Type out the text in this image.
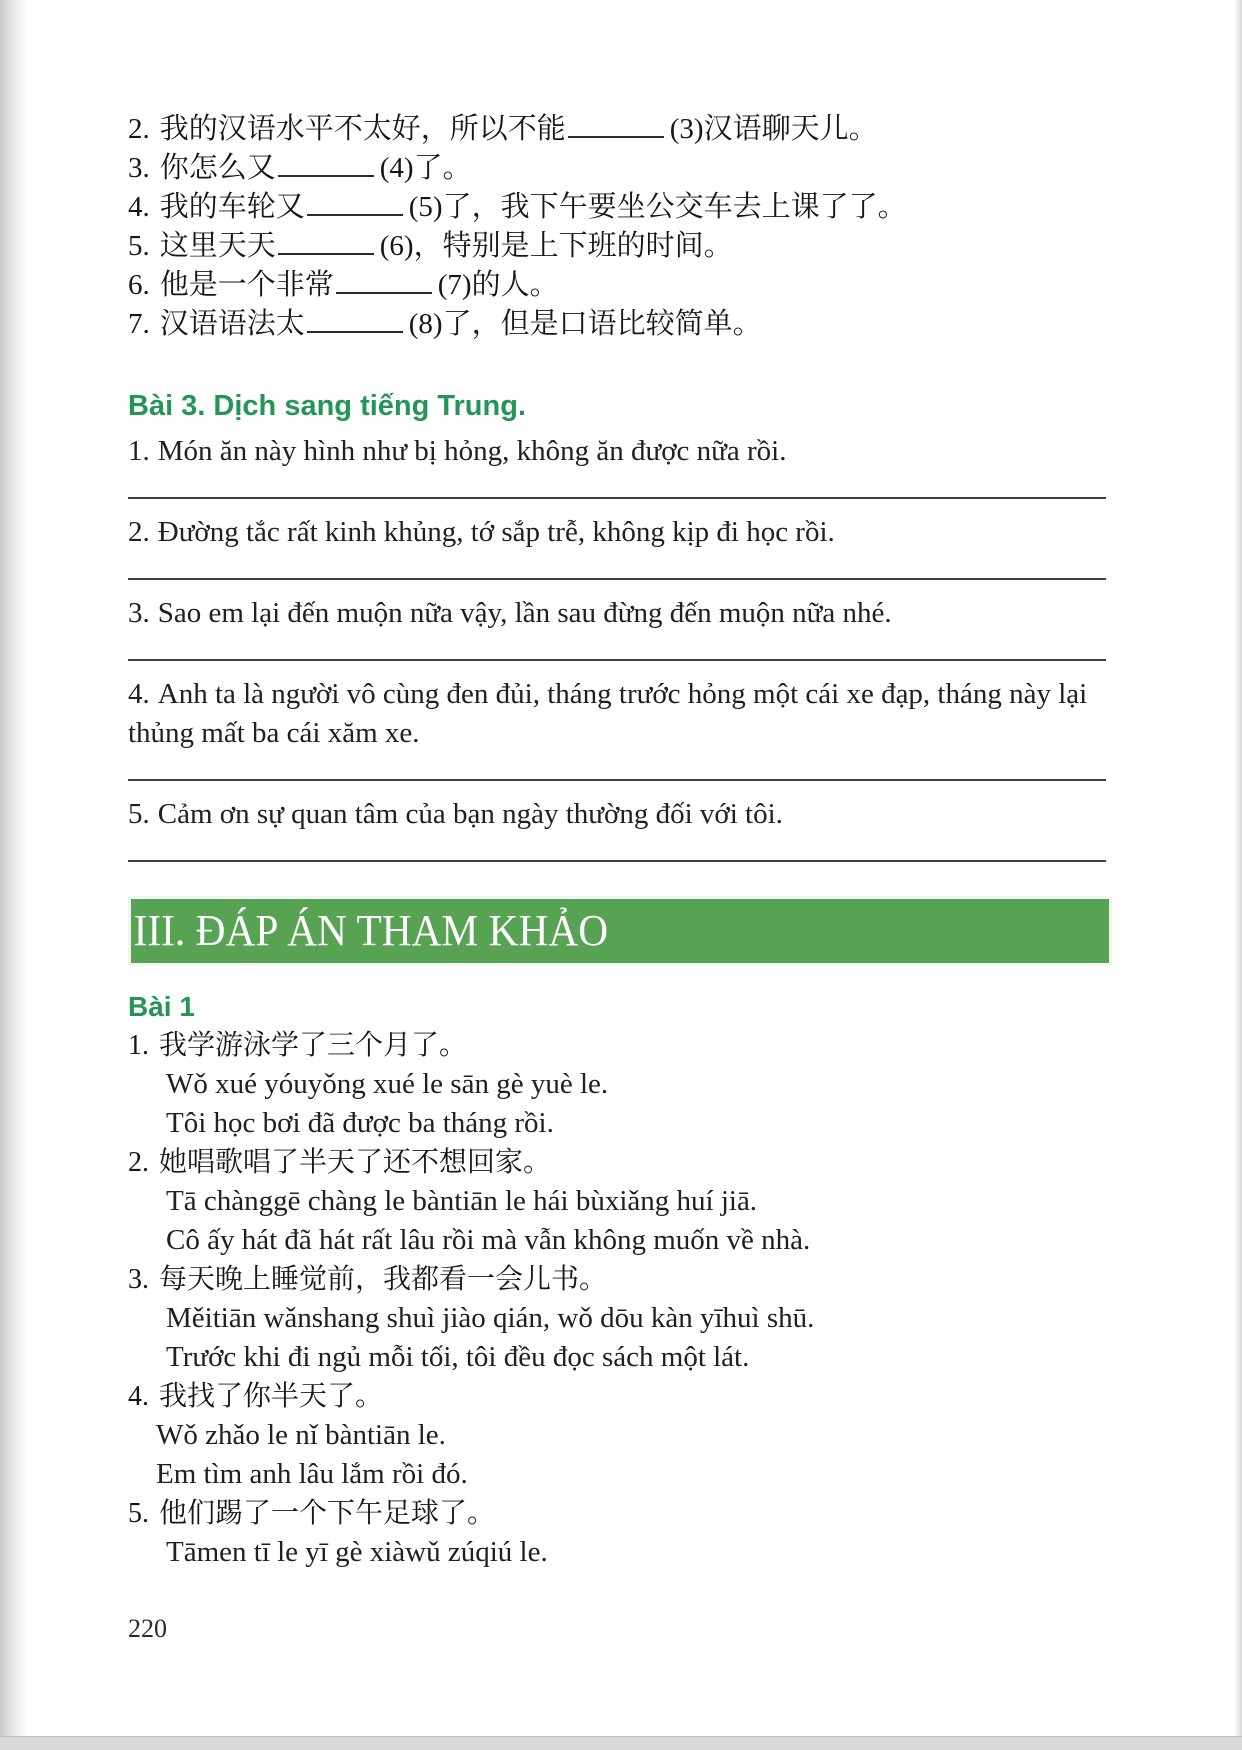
2. 我的汉语水平不太好，所以不能	(3)汉语聊天儿。
3. 你怎么又	(4)了。
4. 我的车轮又	(5)了，我下午要坐公交车去上课了了。
5. 这里天天	(6)，特别是上下班的时间。
6. 他是一个非常	(7)的人。
7. 汉语语法太	(8)了，但是口语比较简单。
Bài 3. Dịch sang tiếng Trung.
1. Món ăn này hình như bị hỏng, không ăn được nữa rồi.
2. Đường tắc rất kinh khủng, tớ sắp trễ, không kịp đi học rồi.
3. Sao em lại đến muộn nữa vậy, lần sau đừng đến muộn nữa nhé.
4. Anh ta là người vô cùng đen đủi, tháng trước hỏng một cái xe đạp, tháng này lại thủng mất ba cái xăm xe.
5. Cảm ơn sự quan tâm của bạn ngày thường đối với tôi.
III. ĐÁP ÁN THAM KHẢO
Bài 1
1. 我学游泳学了三个月了。
Wǒ xué yóuyǒng xué le sān gè yuè le.
Tôi học bơi đã được ba tháng rồi.
2. 她唱歌唱了半天了还不想回家。
Tā chànggē chàng le bàntiān le hái bùxiǎng huí jiā.
Cô ấy hát đã hát rất lâu rồi mà vẫn không muốn về nhà.
3. 每天晚上睡觉前，我都看一会儿书。
Měitiān wǎnshang shuì jiào qián, wǒ dōu kàn yīhuì shū.
Trước khi đi ngủ mỗi tối, tôi đều đọc sách một lát.
4. 我找了你半天了。
Wǒ zhǎo le nǐ bàntiān le.
Em tìm anh lâu lắm rồi đó.
5. 他们踢了一个下午足球了。
Tāmen tī le yī gè xiàwǔ zúqiú le.
220
